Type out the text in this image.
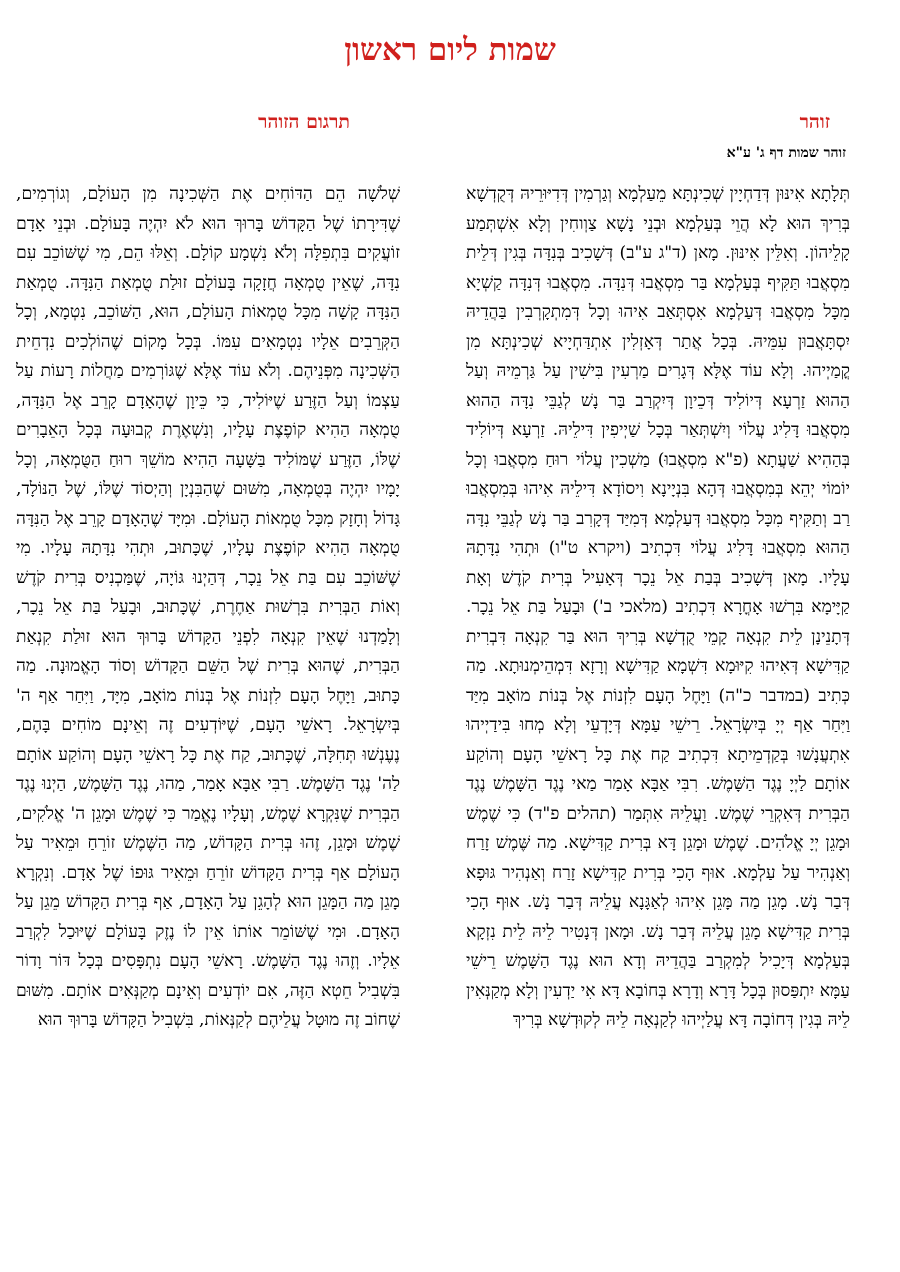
שמות ליום ראשון
זוהר
תרגום הזוהר
זוהר שמות דף ג' ע"א

תְּלָתָא אִינּוּן דְּדַחְיָין שְׁכִינְתָּא מֵעַלְמָא וְגַרְמִין דְּדִיּוּרֵיהּ דְּקֻדְשָׁא בְּרִיךְ הוּא לָא הֲוֵי בְּעַלְמָא וּבְנֵי נָשָׁא צַוְוחִין וְלָא אִשְׁתְּמַע קָלֵיהוֹן. וְאִלֵּין אִינּוּן. מָאן (ד"ג ע"ב) דְּשָׁכִיב בְּנִדָּה בְּגִין דְּלֵית מִסְאֲבוּ תַּקִּיף בְּעַלְמָא בַּר מִסְאֲבוּ דְּנִדָּה. מִסְאֲבוּ דְּנִדָּה קַשְׁיָא מִכָּל מִסְאֲבוּ דְּעַלְמָא אִסְתְּאַב אִיהוּ וְכָל דְּמִתְקָרְבִין בַּהֲדֵיהּ יִסְתָּאֲבוּן עִמֵּיהּ. בְּכָל אֲתַר דְּאָזְלִין אִתְדַּחְיָיא שְׁכִינְתָּא מִן קֳמַיְיהוּ. וְלָא עוֹד אֶלָּא דְּגָרִים מַרְעִין בִּישִׁין עַל גַּרְמֵיהּ וְעַל הַהוּא זַרְעָא דְּיוֹלִיד דְּכֵיוָן דְּיִקְרַב בַּר נָשׁ לְגַבֵּי נִדָּה הַהוּא מִסְאֲבוּ דָּלִיג עֲלוֹי וְיִשְׁתְּאַר בְּכָל שַׁיְיפִין דִּילֵיהּ. זַרְעָא דְּיוֹלִיד בְּהַהִיא שַׁעֲתָא (פ"א מִסְאֲבוּ) מַשְׁכִין עֲלוֹי רוּחַ מִסְאֲבוּ וְכָל יוֹמוֹי יְהֵא בְּמִסְאֲבוּ דְּהָא בִּנְיָינָא וִיסוֹדָא דִּילֵיהּ אִיהוּ בְּמִסְאֲבוּ רַב וְתַקִּיף מִכָּל מִסְאֲבוּ דְּעַלְמָא דְּמִיַּד דְּקָרִב בַּר נָשׁ לְגַבֵּי נִדָּה הַהוּא מִסְאֲבוּ דָּלִיג עֲלוֹי דִּכְתִיב (ויקרא ט"ו) וּתְהִי נִדָּתָהּ עָלָיו. מָאן דְּשָׁכִיב בְּבַת אֵל נֵכָר דְּאָעִיל בְּרִית קֹדֶשׁ וְאָת קַיָּימָא בִּרְשׁוּ אָחֳרָא דִּכְתִיב (מלאכי ב') וּבָעַל בַּת אֵל נֵכָר. דְּתָנֵינָן לֵית קִנְאָה קָמֵי קֻדְשָׁא בְּרִיךְ הוּא בַּר קִנְאָה דִּבְרִית קַדִּישָׁא דְּאִיהוּ קִיּוּמָא דִּשְׁמָא קַדִּישָׁא וְרָזָא דִּמְהֵימְנוּתָא. מַה כְּתִיב (במדבר כ"ה) וַיָּחֶל הָעָם לִזְנוֹת אֶל בְּנוֹת מוֹאָב מִיַּד וַיִּחַר אַף יְיָ בְּיִשְׂרָאֵל. רֵישֵׁי עַמָּא דְּיָדְעֵי וְלָא מְחוּ בִּידַיְיהוּ אִתְעֲנָשׁוּ בְּקַדְמֵיתָא דִּכְתִיב קַח אֶת כָּל רָאשֵׁי הָעָם וְהוֹקַע אוֹתָם לַיְיָ נֶגֶד הַשָּׁמֶשׁ. רִבִּי אַבָּא אָמַר מַאי נֶגֶד הַשָּׁמֶשׁ נֶגֶד הַבְּרִית דְּאִקְרֵי שֶׁמֶשׁ. וַעֲלֵיהּ אִתְּמַר (תהלים פ"ד) כִּי שֶׁמֶשׁ וּמָגֵן יְיָ אֱלֹהִים. שֶׁמֶשׁ וּמָגֵן דָּא בְּרִית קַדִּישָׁא. מַה שֶּׁמֶשׁ זָרַח וְאַנְהִיר עַל עַלְמָא. אוּף הָכִי בְּרִית קַדִּישָׁא זָרַח וְאַנְהִיר גּוּפָא דְּבַר נָשׁ. מָגֵן מַה מָּגֵן אִיהוּ לְאַגָּנָא עֲלֵיהּ דְּבַר נָשׁ. אוּף הָכִי בְּרִית קַדִּישָׁא מָגֵן עֲלֵיהּ דְּבַר נָשׁ. וּמָאן דְּנָטִיר לֵיהּ לֵית נִזְקָא בְּעַלְמָא דְּיָכִיל לְמִקְרַב בַּהֲדֵיהּ וְדָא הוּא נֶגֶד הַשָּׁמֶשׁ רֵישֵׁי עַמָּא יִתְפַּסוּן בְּכָל דָּרָא וְדָרָא בְּחוֹבָא דָּא אִי יַדְעִין וְלָא מְקַנְּאִין לֵיהּ בְּגִין דְּחוֹבָה דָּא עֲלַיְיהוּ לְקַנְאָה לֵיהּ לְקוּדְשָׁא בְּרִיךְ

שְׁלֹשָׁה הֵם הַדּוֹחִים אֶת הַשְּׁכִינָה מִן הָעוֹלָם, וְגוֹרְמִים, שֶׁדִּירָתוֹ שֶׁל הַקָּדוֹשׁ בָּרוּךְ הוּא לֹא יִהְיֶה בָּעוֹלָם. וּבְנֵי אָדָם זוֹעֲקִים בִּתְפִלָּה וְלֹא נִשְׁמָע קוֹלָם. וְאֵלּוּ הֵם, מִי שֶׁשּׁוֹכֵב עִם נִדָּה, שֶׁאֵין טֻמְאָה חֲזָקָה בָּעוֹלָם זוּלַת טֻמְאַת הַנִּדָּה. טֻמְאַת הַנִּדָּה קָשָׁה מִכָּל טֻמְאוֹת הָעוֹלָם, הוּא, הַשּׁוֹכֵב, נִטְמָא, וְכָל הַקְּרֵבִים אֵלָיו נִטְמָאִים עִמּוֹ. בְּכָל מָקוֹם שֶׁהוֹלְכִים נִדְחֵית הַשְּׁכִינָה מִפְּנֵיהֶם. וְלֹא עוֹד אֶלָּא שֶׁגּוֹרְמִים מַחֲלוֹת רָעוֹת עַל עַצְמוֹ וְעַל הַזֶּרַע שֶׁיּוֹלִיד, כִּי כֵּיוָן שֶׁהָאָדָם קָרֵב אֶל הַנִּדָּה, טֻמְאָה הַהִיא קוֹפֶצֶת עָלָיו, וְנִשְׁאֶרֶת קְבוּעָה בְּכָל הָאֵבָרִים שֶׁלּוֹ, הַזֶּרַע שֶׁמּוֹלִיד בַּשָּׁעָה הַהִיא מוֹשֵׁךְ רוּחַ הַטֻּמְאָה, וְכָל יָמָיו יִהְיֶה בְּטֻמְאָה, מִשּׁוּם שֶׁהַבִּנְיָן וְהַיְסוֹד שֶׁלּוֹ, שֶׁל הַנּוֹלָד, גָּדוֹל וְחָזָק מִכָּל טֻמְאוֹת הָעוֹלָם. וּמִיָּד שֶׁהָאָדָם קָרֵב אֶל הַנִּדָּה טֻמְאָה הַהִיא קוֹפֶצֶת עָלָיו, שֶׁכָּתוּב, וּתְהִי נִדָּתָהּ עָלָיו. מִי שֶׁשּׁוֹכֵב עִם בַּת אֵל נֵכָר, דְּהַיְנוּ גּוֹיָה, שֶׁמַּכְנִיס בְּרִית קֹדֶשׁ וְאוֹת הַבְּרִית בִּרְשׁוּת אַחֶרֶת, שֶׁכָּתוּב, וּבָעַל בַּת אֵל נֵכָר, וְלָמַדְנוּ שֶׁאֵין קִנְאָה לִפְנֵי הַקָּדוֹשׁ בָּרוּךְ הוּא זוּלַת קִנְאַת הַבְּרִית, שֶׁהוּא בְּרִית שֶׁל הַשֵּׁם הַקָּדוֹשׁ וְסוֹד הָאֱמוּנָה. מַה כָּתוּב, וַיָּחֶל הָעָם לִזְנוֹת אֶל בְּנוֹת מוֹאָב, מִיָּד, וַיִּחַר אַף ה' בְּיִשְׂרָאֵל. רָאשֵׁי הָעָם, שֶׁיּוֹדְעִים זֶה וְאֵינָם מוֹחִים בָּהֶם, נֶעֶנְשׁוּ תְּחִלָּה, שֶׁכָּתוּב, קַח אֶת כָּל רָאשֵׁי הָעָם וְהוֹקַע אוֹתָם לַה' נֶגֶד הַשָּׁמֶשׁ. רַבִּי אַבָּא אָמַר, מַהוּ, נֶגֶד הַשָּׁמֶשׁ, הַיְנוּ נֶגֶד הַבְּרִית שֶׁנִּקְרָא שֶׁמֶשׁ, וְעָלָיו נֶאֱמַר כִּי שֶׁמֶשׁ וּמָגֵן ה' אֱלֹקִים, שֶׁמֶשׁ וּמָגֵן, זֶהוּ בְּרִית הַקָּדוֹשׁ, מַה הַשֶּׁמֶשׁ זוֹרֵחַ וּמֵאִיר עַל הָעוֹלָם אַף בְּרִית הַקָּדוֹשׁ זוֹרֵחַ וּמֵאִיר גּוּפוֹ שֶׁל אָדָם. וְנִקְרָא מָגֵן מַה הַמָּגֵן הוּא לְהָגֵן עַל הָאָדָם, אַף בְּרִית הַקָּדוֹשׁ מֵגֵן עַל הָאָדָם. וּמִי שֶׁשּׁוֹמֵר אוֹתוֹ אֵין לוֹ נֶזֶק בָּעוֹלָם שֶׁיּוּכַל לִקְרַב אֵלָיו. וְזֶהוּ נֶגֶד הַשָּׁמֶשׁ. רָאשֵׁי הָעָם נִתְפָּסִים בְּכָל דּוֹר וָדוֹר בִּשְׁבִיל חֵטְא הַזֶּה, אִם יוֹדְעִים וְאֵינָם מְקַנְּאִים אוֹתָם. מִשּׁוּם שֶׁחוֹב זֶה מוּטָל עֲלֵיהֶם לְקַנְּאוֹת, בִּשְׁבִיל הַקָּדוֹשׁ בָּרוּךְ הוּא
